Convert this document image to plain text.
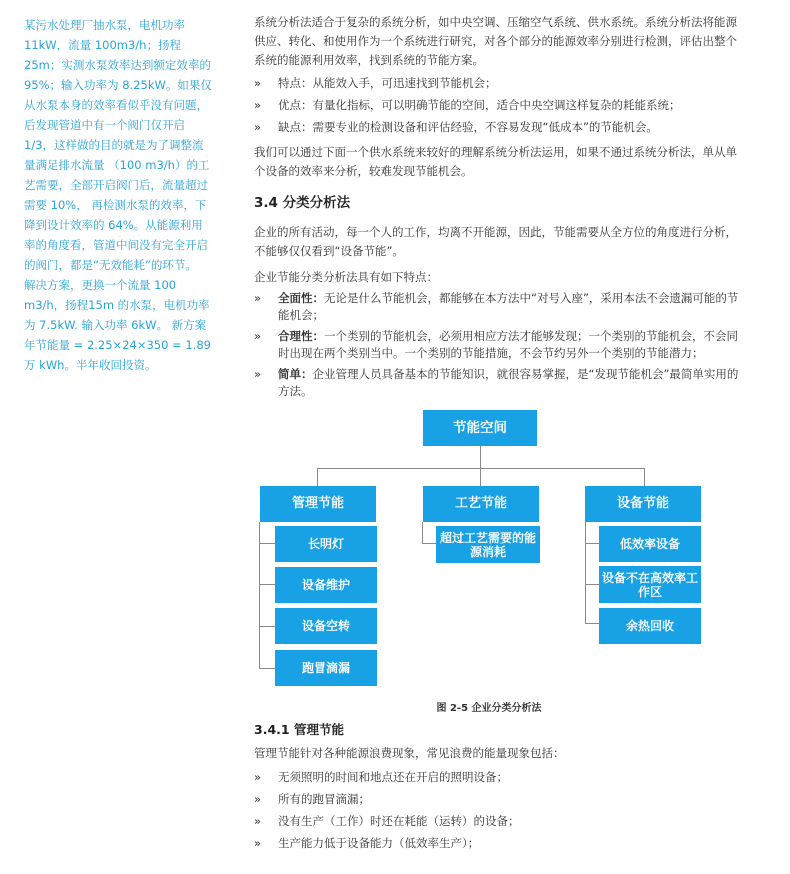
某污水处理厂抽水泵，电机功率11kW，流量 100m3/h；扬程 25m；实测水泵效率达到额定效率的 95%；输入功率为 8.25kW。如果仅从水泵本身的效率看似乎没有问题，后发现管道中有一个阀门仅开启 1/3，这样做的目的就是为了调整流量满足排水流量 （100 m3/h）的工艺需要，全部开启阀门后，流量超过需要 10%， 再检测水泵的效率，下降到设计效率的 64%。从能源利用率的角度看，管道中间没有完全开启的阀门，都是“无效能耗”的环节。 解决方案，更换一个流量 100 m3/h，扬程15m 的水泵，电机功率为 7.5kW. 输入功率 6kW。 新方案年节能量 = 2.25×24×350 = 1.89 万 kWh。半年收回投资。

系统分析法适合于复杂的系统分析，如中央空调、压缩空气系统、供水系统。系统分析法将能源供应、转化、和使用作为一个系统进行研究，对各个部分的能源效率分别进行检测，评估出整个系统的能源利用效率，找到系统的节能方案。

» 特点：从能效入手，可迅速找到节能机会；
» 优点：有量化指标，可以明确节能的空间，适合中央空调这样复杂的耗能系统；
» 缺点：需要专业的检测设备和评估经验，不容易发现“低成本”的节能机会。

我们可以通过下面一个供水系统来较好的理解系统分析法运用，如果不通过系统分析法，单从单个设备的效率来分析，较难发现节能机会。

3.4 分类分析法

企业的所有活动，每一个人的工作，均离不开能源，因此，节能需要从全方位的角度进行分析，不能够仅仅看到“设备节能”。

企业节能分类分析法具有如下特点：

» 全面性：无论是什么节能机会，都能够在本方法中“对号入座”，采用本法不会遗漏可能的节能机会；
» 合理性：一个类别的节能机会，必须用相应方法才能够发现；一个类别的节能机会，不会同时出现在两个类别当中。一个类别的节能措施，不会节约另外一个类别的节能潜力；
» 简单：企业管理人员具备基本的节能知识，就很容易掌握，是“发现节能机会”最简单实用的方法。
节能空间
管理节能	工艺节能	设备节能
长明灯
设备维护
设备空转
跑冒滴漏
超过工艺需要的能源消耗
低效率设备
设备不在高效率工作区
余热回收
图 2-5 企业分类分析法
3.4.1 管理节能

管理节能针对各种能源浪费现象，常见浪费的能量现象包括：

» 无须照明的时间和地点还在开启的照明设备；
» 所有的跑冒滴漏；
» 没有生产（工作）时还在耗能（运转）的设备；
» 生产能力低于设备能力（低效率生产）；
